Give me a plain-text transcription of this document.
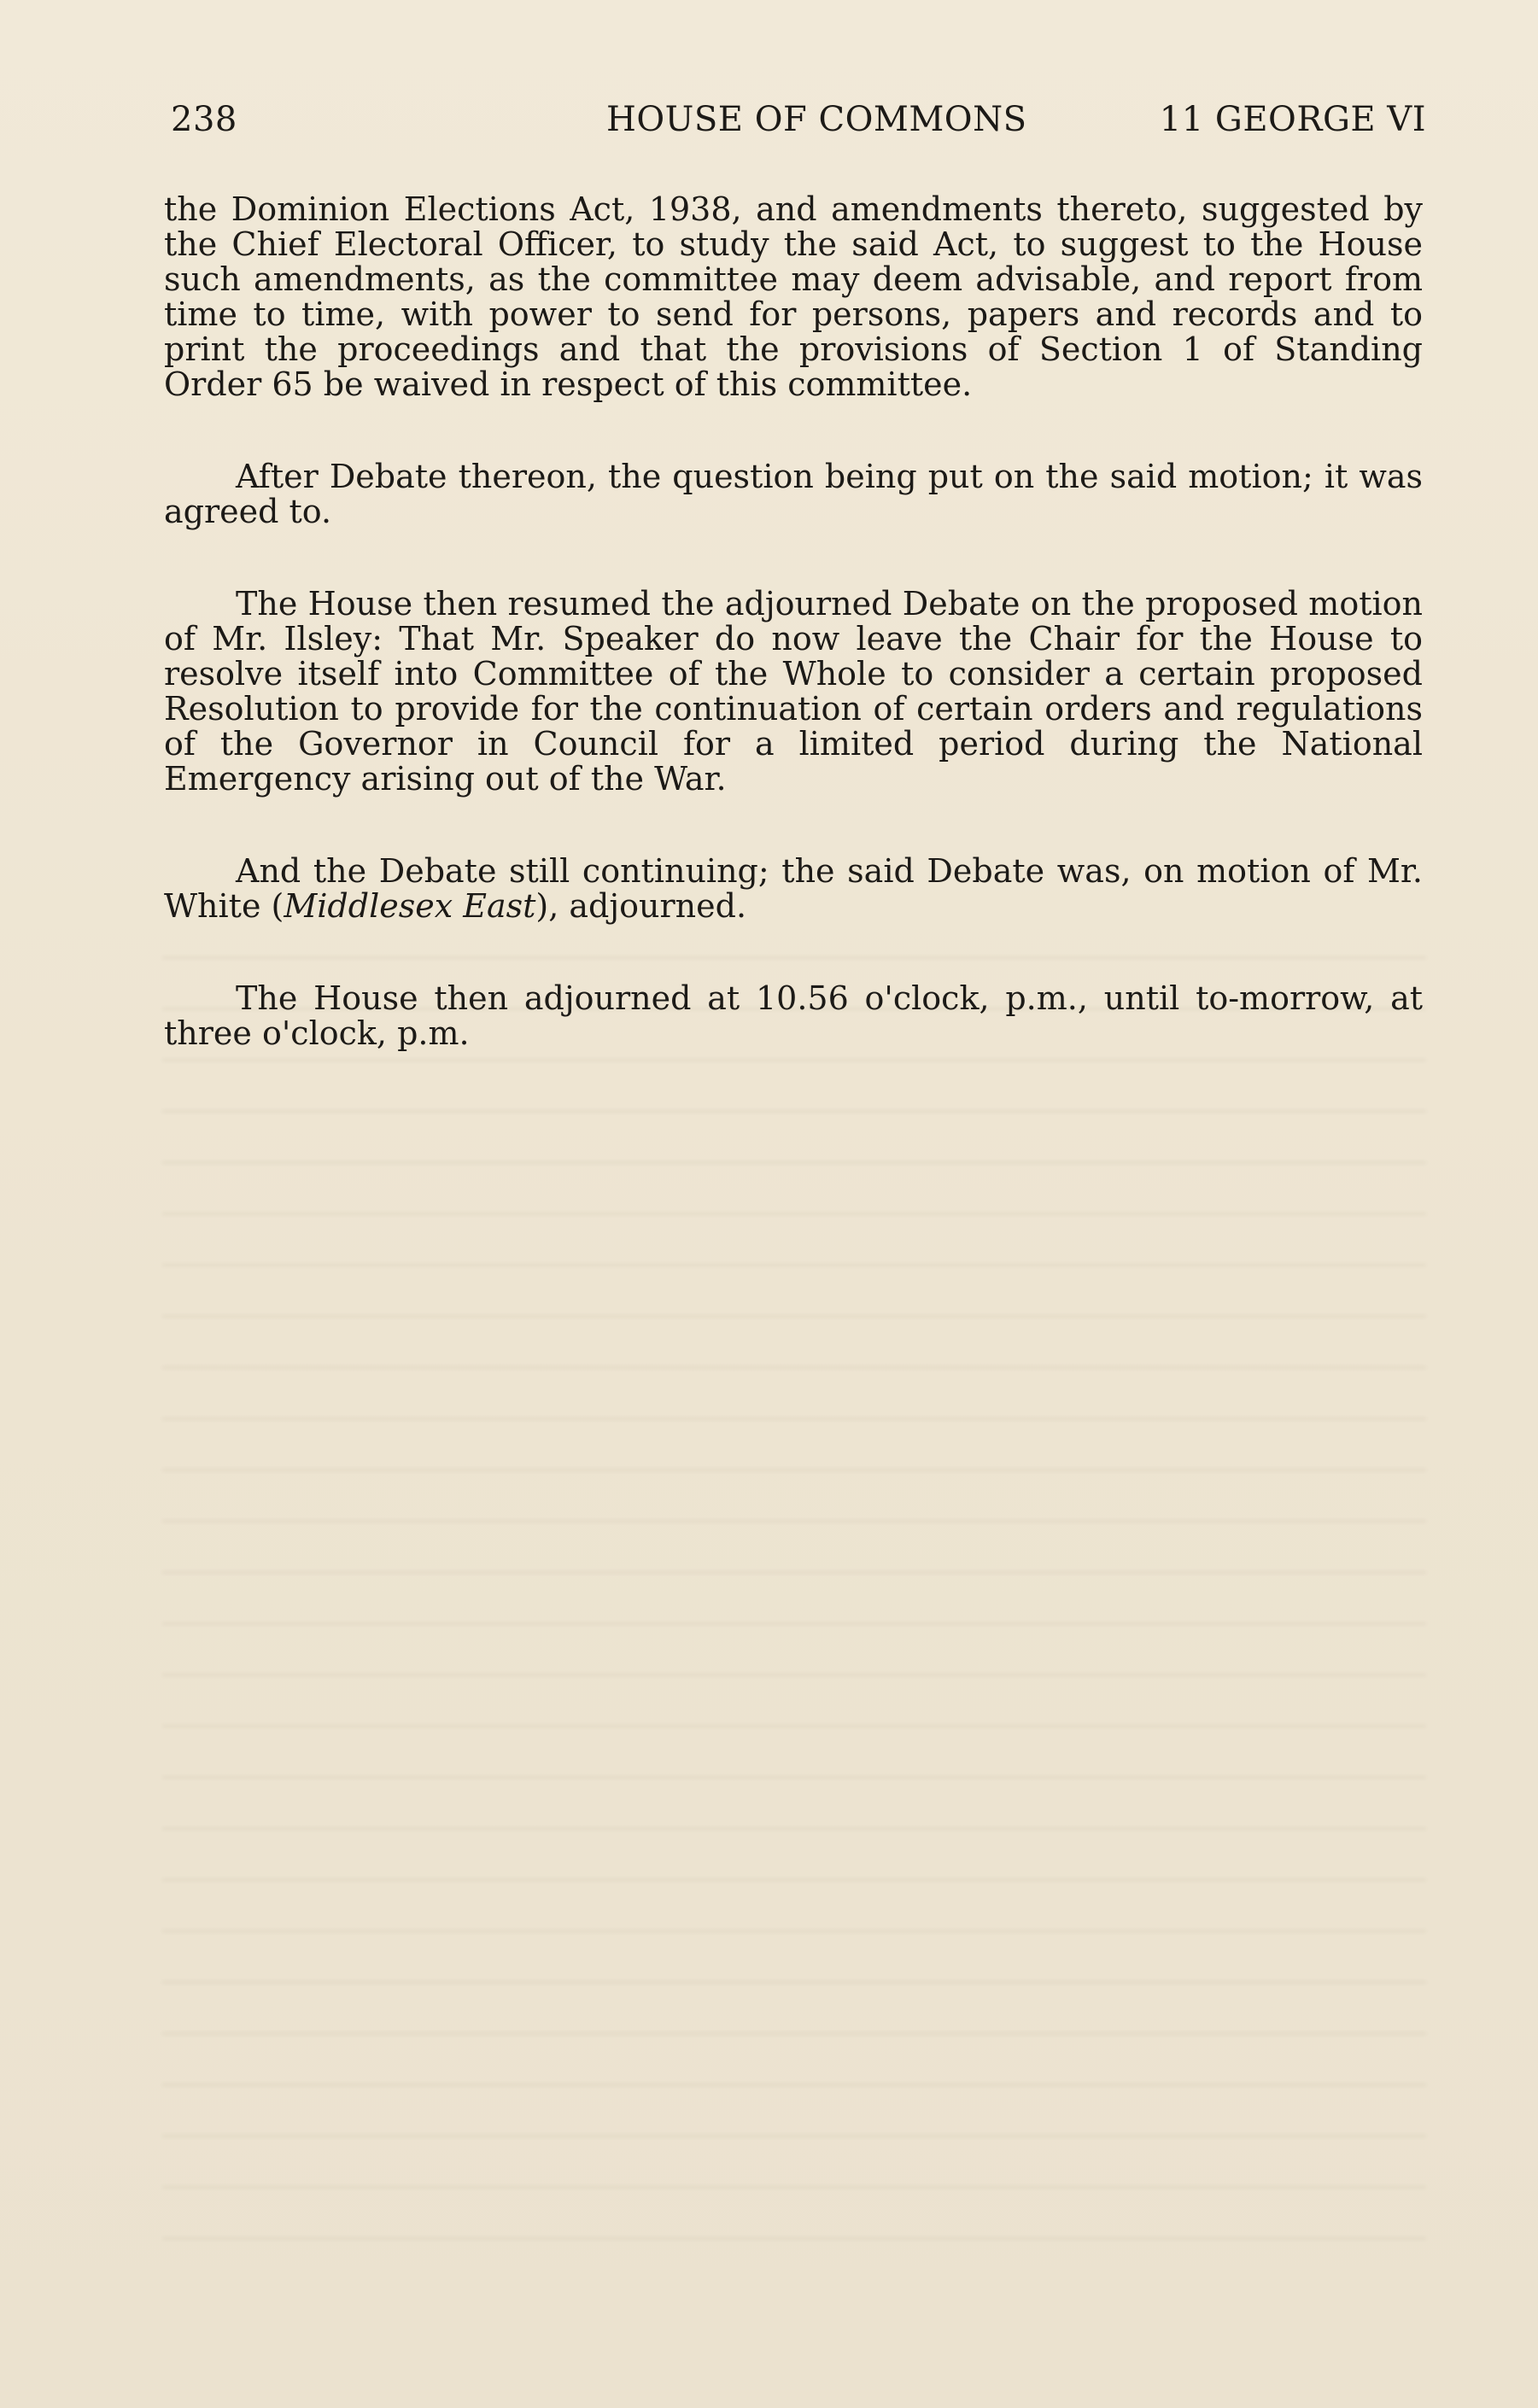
238	HOUSE OF COMMONS	11 GEORGE VI

the Dominion Elections Act, 1938, and amendments thereto, suggested by the Chief Electoral Officer, to study the said Act, to suggest to the House such amendments, as the committee may deem advisable, and report from time to time, with power to send for persons, papers and records and to print the proceedings and that the provisions of Section 1 of Standing Order 65 be waived in respect of this committee.

After Debate thereon, the question being put on the said motion; it was agreed to.

The House then resumed the adjourned Debate on the proposed motion of Mr. Ilsley: That Mr. Speaker do now leave the Chair for the House to resolve itself into Committee of the Whole to consider a certain proposed Resolution to provide for the continuation of certain orders and regulations of the Governor in Council for a limited period during the National Emergency arising out of the War.

And the Debate still continuing; the said Debate was, on motion of Mr. White (Middlesex East), adjourned.

The House then adjourned at 10.56 o'clock, p.m., until to-morrow, at three o'clock, p.m.
